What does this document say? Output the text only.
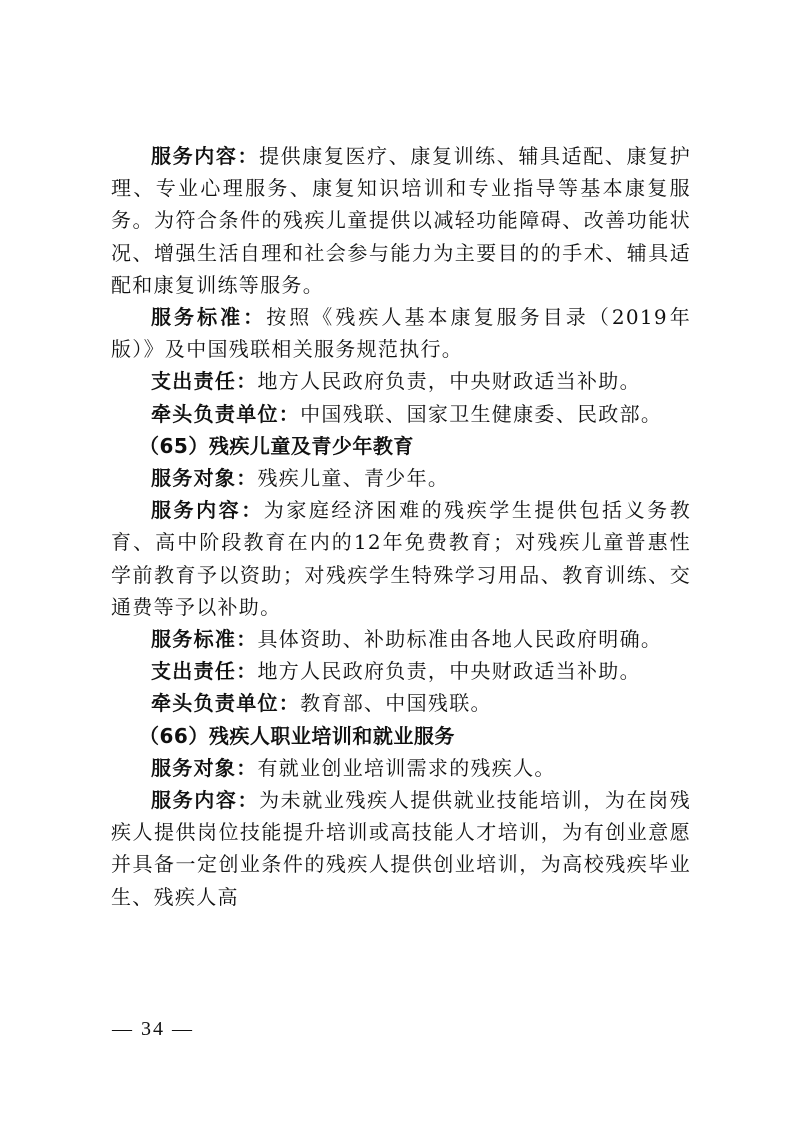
服务内容：提供康复医疗、康复训练、辅具适配、康复护理、专业心理服务、康复知识培训和专业指导等基本康复服务。为符合条件的残疾儿童提供以减轻功能障碍、改善功能状况、增强生活自理和社会参与能力为主要目的的手术、辅具适配和康复训练等服务。

服务标准：按照《残疾人基本康复服务目录（2019年版）》及中国残联相关服务规范执行。

支出责任：地方人民政府负责，中央财政适当补助。

牵头负责单位：中国残联、国家卫生健康委、民政部。

（65）残疾儿童及青少年教育

服务对象：残疾儿童、青少年。

服务内容：为家庭经济困难的残疾学生提供包括义务教育、高中阶段教育在内的12年免费教育；对残疾儿童普惠性学前教育予以资助；对残疾学生特殊学习用品、教育训练、交通费等予以补助。

服务标准：具体资助、补助标准由各地人民政府明确。

支出责任：地方人民政府负责，中央财政适当补助。

牵头负责单位：教育部、中国残联。

（66）残疾人职业培训和就业服务

服务对象：有就业创业培训需求的残疾人。

服务内容：为未就业残疾人提供就业技能培训，为在岗残疾人提供岗位技能提升培训或高技能人才培训，为有创业意愿并具备一定创业条件的残疾人提供创业培训，为高校残疾毕业生、残疾人高

— 34 —
